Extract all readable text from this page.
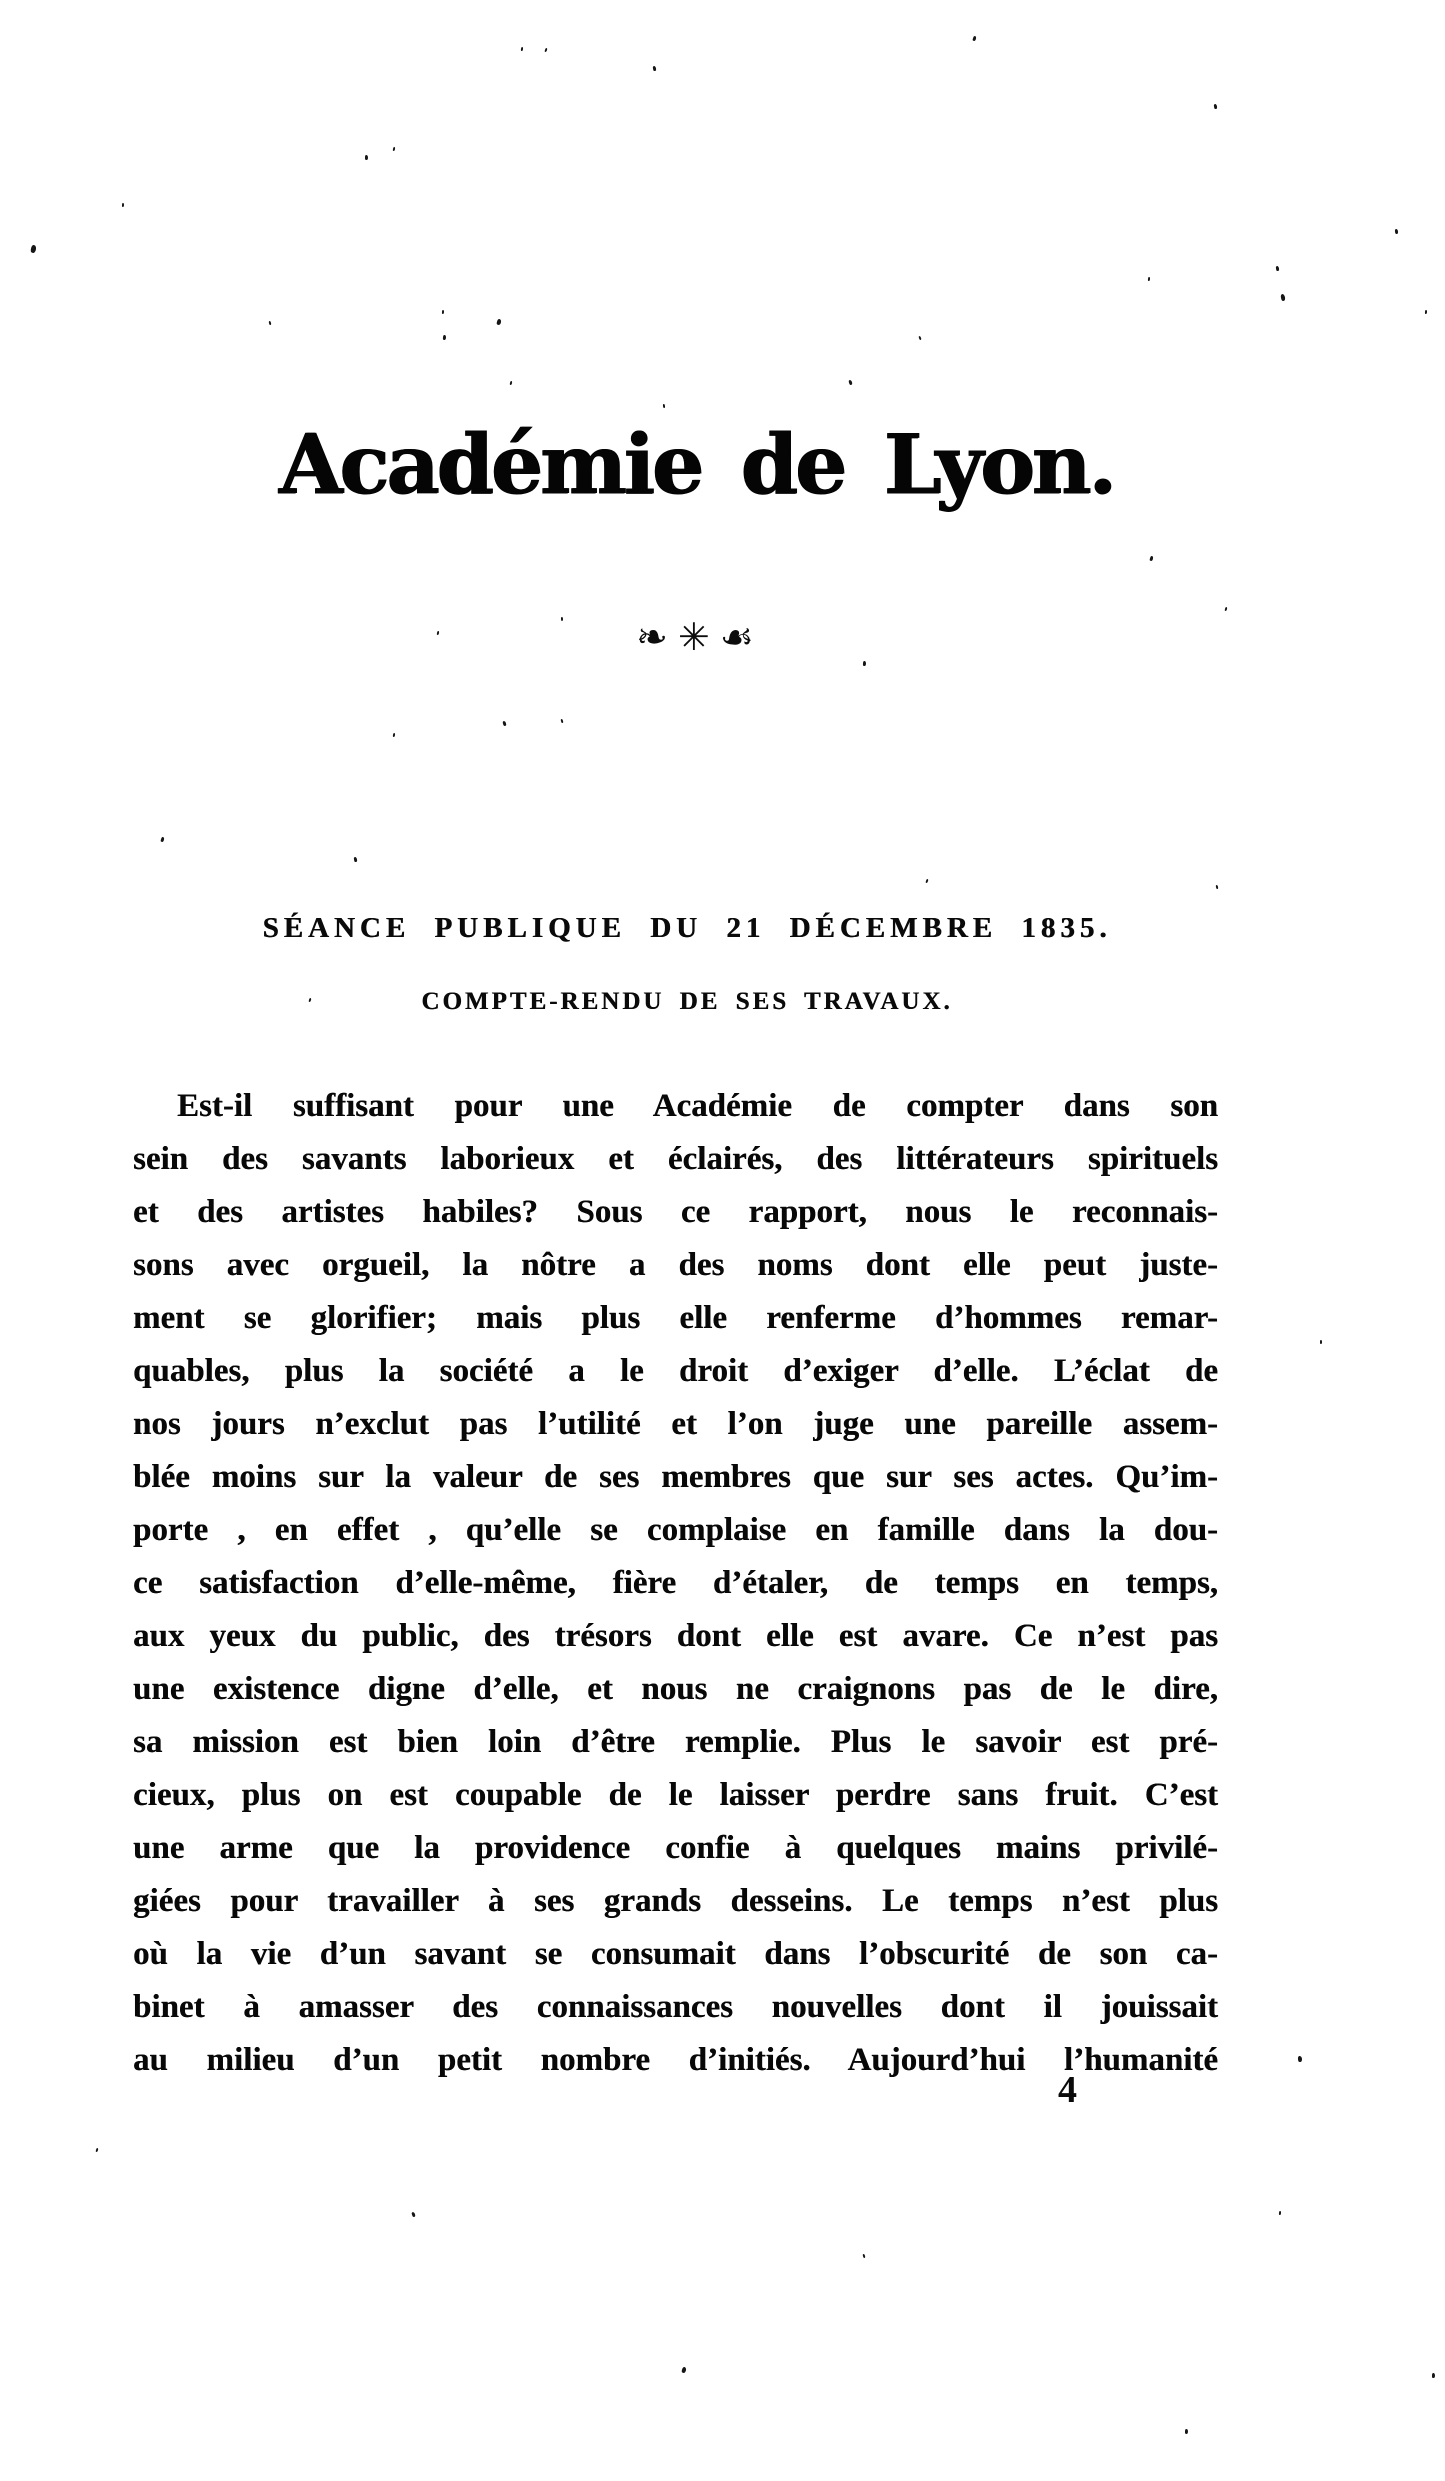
Académie de Lyon.
❧✳☙
SÉANCE PUBLIQUE DU 21 DÉCEMBRE 1835.
COMPTE-RENDU DE SES TRAVAUX.
Est-il suffisant pour une Académie de compter dans son
sein des savants laborieux et éclairés, des littérateurs spirituels
et des artistes habiles? Sous ce rapport, nous le reconnais-
sons avec orgueil, la nôtre a des noms dont elle peut juste-
ment se glorifier; mais plus elle renferme d’hommes remar-
quables, plus la société a le droit d’exiger d’elle. L’éclat de
nos jours n’exclut pas l’utilité et l’on juge une pareille assem-
blée moins sur la valeur de ses membres que sur ses actes. Qu’im-
porte , en effet , qu’elle se complaise en famille dans la dou-
ce satisfaction d’elle-même, fière d’étaler, de temps en temps,
aux yeux du public, des trésors dont elle est avare. Ce n’est pas
une existence digne d’elle, et nous ne craignons pas de le dire,
sa mission est bien loin d’être remplie. Plus le savoir est pré-
cieux, plus on est coupable de le laisser perdre sans fruit. C’est
une arme que la providence confie à quelques mains privilé-
giées pour travailler à ses grands desseins. Le temps n’est plus
où la vie d’un savant se consumait dans l’obscurité de son ca-
binet à amasser des connaissances nouvelles dont il jouissait
au milieu d’un petit nombre d’initiés. Aujourd’hui l’humanité
4
